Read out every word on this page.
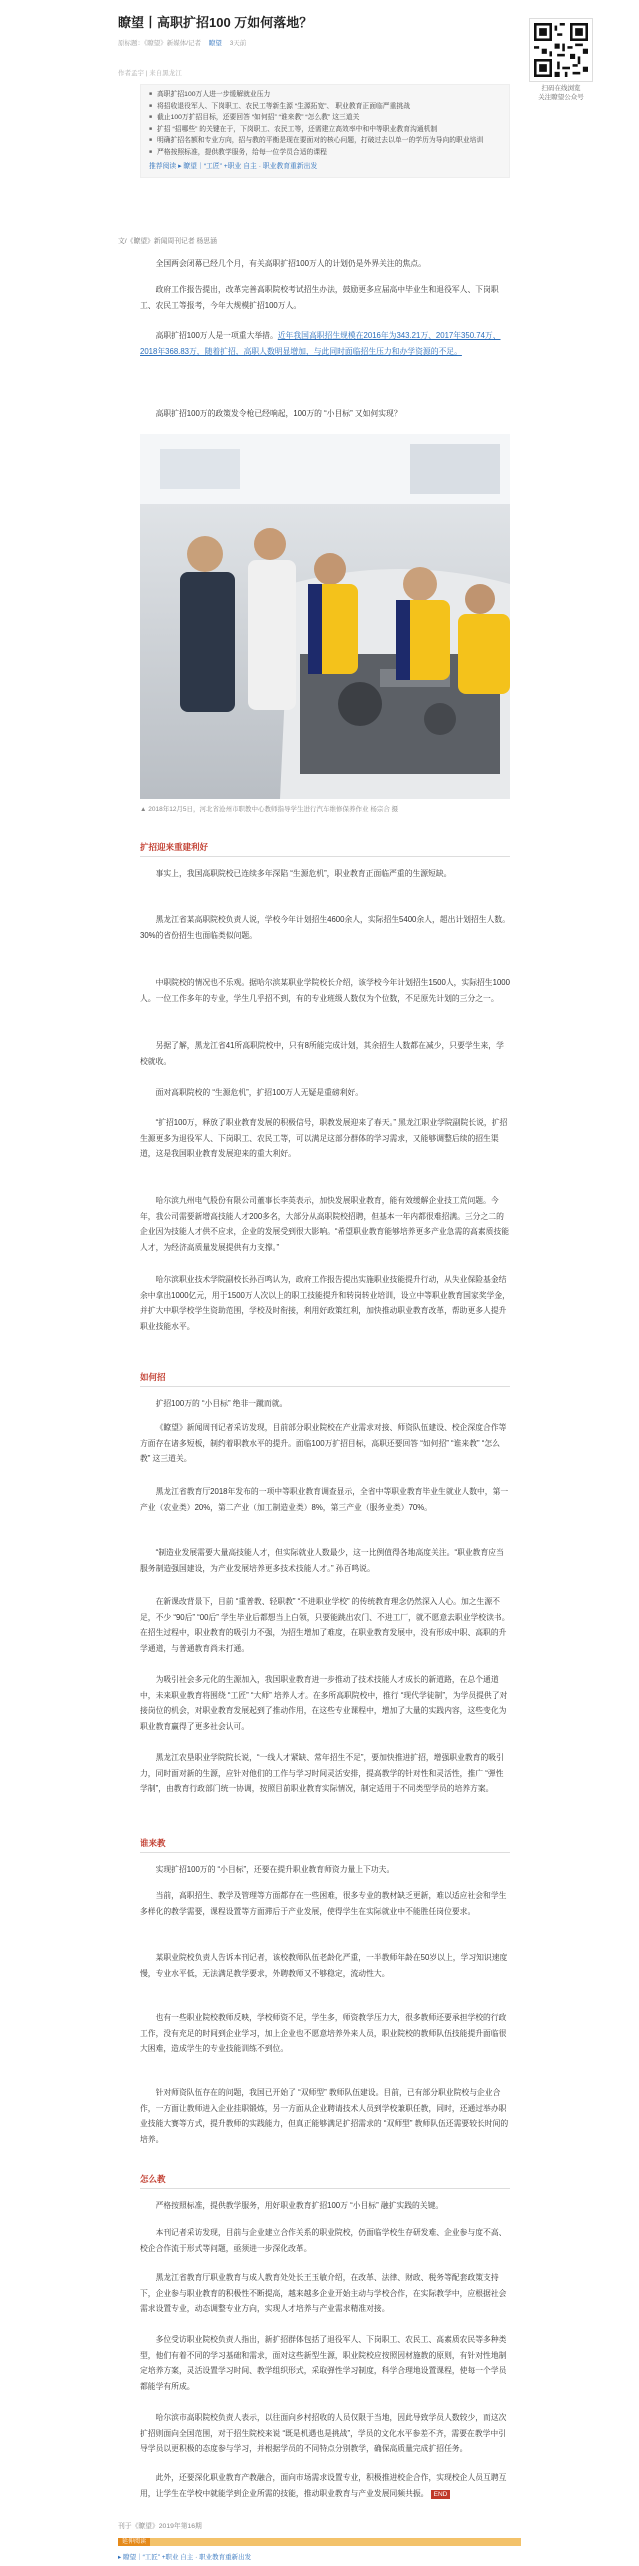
瞭望丨高职扩招100 万如何落地？
原标题：《瞭望》新媒体/记者 瞭望 3天前
作者孟宇 | 来自黑龙江
扫码在线浏览
关注瞭望公众号
■ 高职扩招100万人进一步缓解就业压力
■ 将招收退役军人、下岗职工、农民工等新生源 “生源拓宽”、 职业教育正面临严重挑战
■ 截止100万扩招目标，还要回答 “如何招” “谁来教” “怎么教” 这三道关
■ 扩招 “招哪些” 的关键在于，下岗职工、农民工等，还需建立高效率中和中等职业教育沟通机制
■ 明确扩招名额和专业方向，招与教的平衡是现在要面对的核心问题，打破过去以单一的学历为导向的职业培训
■ 严格按照标准，提供教学服务，给每一位学员合适的课程
推荐阅读 ▸ 瞭望｜“工匠” +职业 自主 · 职业教育重新出发
文/《瞭望》新闻周刊记者 杨思涵
全国两会闭幕已经几个月，有关高职扩招100万人的计划仍是外界关注的焦点。
政府工作报告提出，改革完善高职院校考试招生办法，鼓励更多应届高中毕业生和退役军人、下岗职工、农民工等报考，今年大规模扩招100万人。
高职扩招100万人是一项重大举措。近年我国高职招生规模在2016年为343.21万、2017年350.74万、2018年368.83万，随着扩招，高职人数明显增加，与此同时面临招生压力和办学资源的不足。
高职扩招100万的政策发令枪已经响起，100万的 “小目标” 又如何实现？
▲ 2018年12月5日，河北省沧州市职教中心教师指导学生进行汽车维修保养作业 杨宗合 摄
扩招迎来重建利好
事实上，我国高职院校已连续多年深陷 “生源危机”，职业教育正面临严重的生源短缺。
黑龙江省某高职院校负责人说，学校今年计划招生4600余人，实际招生5400余人，超出计划招生人数。30%的省份招生也面临类似问题。
中职院校的情况也不乐观。据哈尔滨某职业学院校长介绍，该学校今年计划招生1500人，实际招生1000人。一位工作多年的专业，学生几乎招不到，有的专业班级人数仅为个位数，不足原先计划的三分之一。
另据了解，黑龙江省41所高职院校中，只有8所能完成计划，其余招生人数都在减少，只要学生来，学校就收。
面对高职院校的 “生源危机”，扩招100万人无疑是重磅利好。
“扩招100万，释放了职业教育发展的积极信号，职教发展迎来了春天。” 黑龙江职业学院副院长说，扩招生源更多为退役军人、下岗职工、农民工等，可以满足这部分群体的学习需求，又能够调整后续的招生渠道，这是我国职业教育发展迎来的重大利好。
哈尔滨九州电气股份有限公司董事长李英表示，加快发展职业教育，能有效缓解企业技工荒问题。今年，我公司需要新增高技能人才200多名，大部分从高职院校招聘，但基本一年内都很难招满。三分之二的企业因为技能人才供不应求，企业的发展受到很大影响。“希望职业教育能够培养更多产业急需的高素质技能人才，为经济高质量发展提供有力支撑。”
哈尔滨职业技术学院副校长孙百鸣认为，政府工作报告提出实施职业技能提升行动，从失业保险基金结余中拿出1000亿元，用于1500万人次以上的职工技能提升和转岗转业培训，设立中等职业教育国家奖学金，并扩大中职学校学生资助范围，学校及时衔接，利用好政策红利，加快推动职业教育改革，帮助更多人提升职业技能水平。
如何招
扩招100万的 “小目标” 绝非一蹴而就。
《瞭望》新闻周刊记者采访发现，目前部分职业院校在产业需求对接、师资队伍建设、校企深度合作等方面存在诸多短板，制约着职教水平的提升。面临100万扩招目标，高职还要回答 “如何招” “谁来教” “怎么教” 这三道关。
黑龙江省教育厅2018年发布的一项中等职业教育调查显示，全省中等职业教育毕业生就业人数中，第一产业（农业类）20%，第二产业（加工制造业类）8%，第三产业（服务业类）70%。
“制造业发展需要大量高技能人才，但实际就业人数最少，这一比例值得各地高度关注。“职业教育应当服务制造强国建设，为产业发展培养更多技术技能人才。” 孙百鸣说。
在新课改背景下，目前 “重普教、轻职教” “不进职业学校” 的传统教育理念仍然深入人心。加之生源不足，不少 “90后” “00后” 学生毕业后都想当上白领，只要能跳出农门、不进工厂，就不愿意去职业学校读书。在招生过程中，职业教育的吸引力不强，为招生增加了难度，在职业教育发展中，没有形成中职、高职的升学通道，与普通教育尚未打通。
为吸引社会多元化的生源加入，我国职业教育进一步推动了技术技能人才成长的新道路，在总个通道中，未来职业教育将围绕 “工匠” “大师” 培养人才。在多所高职院校中，推行 “现代学徒制”，为学员提供了对接岗位的机会，对职业教育发展起到了推动作用，在这些专业课程中，增加了大量的实践内容，这些变化为职业教育赢得了更多社会认可。
黑龙江农垦职业学院院长说，“一线人才紧缺、常年招生不足”，要加快推进扩招，增强职业教育的吸引力，同时面对新的生源，应针对他们的工作与学习时间灵活安排，提高教学的针对性和灵活性，推广 “弹性学制”，由教育行政部门统一协调，按照目前职业教育实际情况，制定适用于不同类型学员的培养方案。
谁来教
实现扩招100万的 “小目标”，还要在提升职业教育师资力量上下功夫。
当前，高职招生、教学及管理等方面都存在一些困难，很多专业的教材缺乏更新，难以适应社会和学生多样化的教学需要，课程设置等方面滞后于产业发展，使得学生在实际就业中不能胜任岗位要求。
某职业院校负责人告诉本刊记者，该校教师队伍老龄化严重，一半教师年龄在50岁以上，学习知识速度慢，专业水平低，无法满足教学要求，外聘教师又不够稳定，流动性大。
也有一些职业院校教师反映，学校师资不足，学生多，师资教学压力大，很多教师还要承担学校的行政工作，没有充足的时间到企业学习，加上企业也不愿意培养外来人员，职业院校的教师队伍技能提升面临很大困难，造成学生的专业技能训练不到位。
针对师资队伍存在的问题，我国已开始了 “双师型” 教师队伍建设。目前，已有部分职业院校与企业合作，一方面让教师进入企业挂职锻炼，另一方面从企业聘请技术人员到学校兼职任教，同时，还通过举办职业技能大赛等方式，提升教师的实践能力，但真正能够满足扩招需求的 “双师型” 教师队伍还需要较长时间的培养。
怎么教
严格按照标准，提供教学服务，用好职业教育扩招100万 “小目标” 融扩实践的关键。
本刊记者采访发现，目前与企业建立合作关系的职业院校，仍面临学校生存研发难、企业参与度不高、校企合作流于形式等问题，亟须进一步深化改革。
黑龙江省教育厅职业教育与成人教育处处长王玉敏介绍，在改革、法律、财政、税务等配套政策支持下，企业参与职业教育的积极性不断提高，越来越多企业开始主动与学校合作，在实际教学中，应根据社会需求设置专业，动态调整专业方向，实现人才培养与产业需求精准对接。
多位受访职业院校负责人指出，新扩招群体包括了退役军人、下岗职工、农民工、高素质农民等多种类型，他们有着不同的学习基础和需求，面对这些新型生源，职业院校应按照因材施教的原则，有针对性地制定培养方案，灵活设置学习时间、教学组织形式，采取弹性学习制度，科学合理地设置课程，使每一个学员都能学有所成。
哈尔滨市高职院校负责人表示，以往面向乡村招收的人员仅限于当地，因此导致学员人数较少，而这次扩招则面向全国范围，对于招生院校来说 “既是机遇也是挑战”，学员的文化水平参差不齐，需要在教学中引导学员以更积极的态度参与学习，并根据学员的不同特点分别教学，确保高质量完成扩招任务。
此外，还要深化职业教育产教融合，面向市场需求设置专业，积极推进校企合作，实现校企人员互聘互用，让学生在学校中就能学到企业所需的技能，推动职业教育与产业发展同频共振。 END
刊于《瞭望》2019年第16期
延伸阅读
▸ 瞭望｜“工匠” +职业 自主 · 职业教育重新出发
